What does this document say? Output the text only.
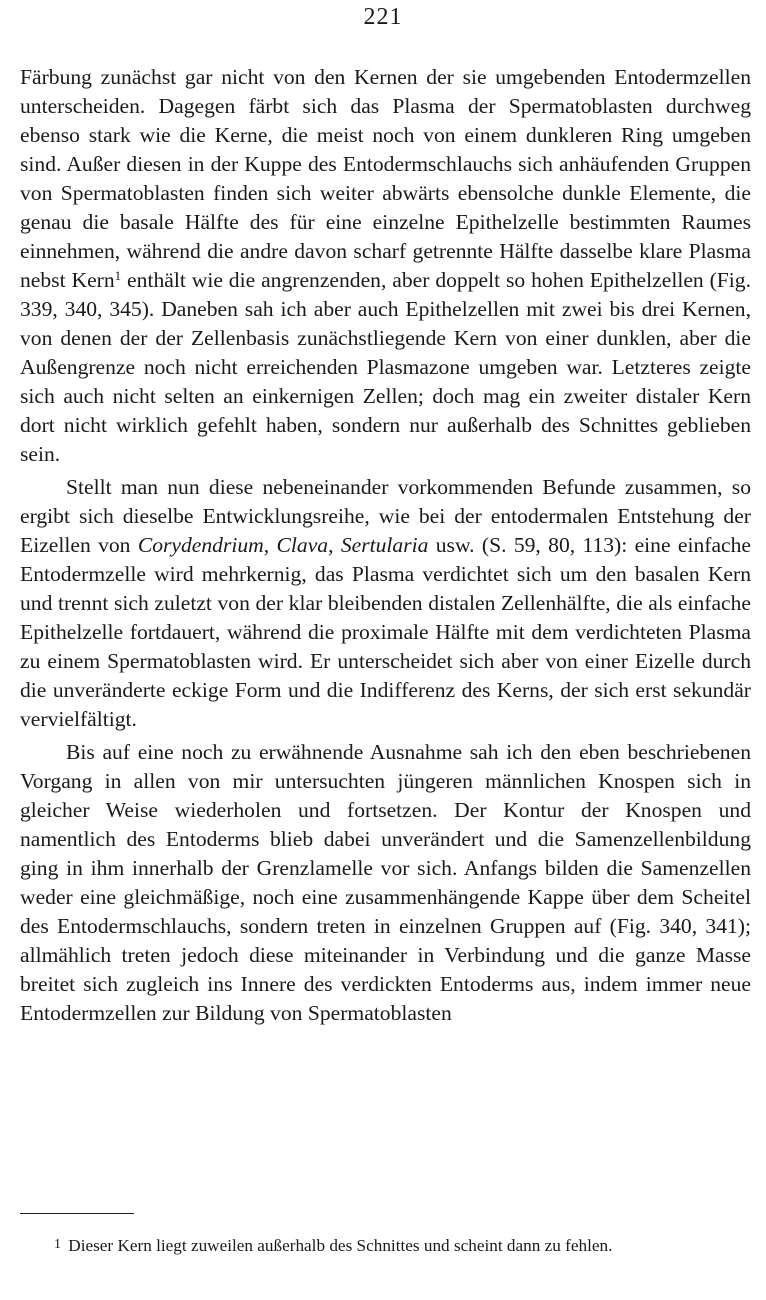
221

Färbung zunächst gar nicht von den Kernen der sie umgebenden Entodermzellen unterscheiden. Dagegen färbt sich das Plasma der Spermatoblasten durchweg ebenso stark wie die Kerne, die meist noch von einem dunkleren Ring umgeben sind. Außer diesen in der Kuppe des Entodermschlauchs sich anhäufenden Gruppen von Spermatoblasten finden sich weiter abwärts ebensolche dunkle Elemente, die genau die basale Hälfte des für eine einzelne Epithelzelle bestimmten Raumes einnehmen, während die andre davon scharf getrennte Hälfte dasselbe klare Plasma nebst Kern$^1$ enthält wie die angrenzenden, aber doppelt so hohen Epithelzellen (Fig. 339, 340, 345). Daneben sah ich aber auch Epithelzellen mit zwei bis drei Kernen, von denen der der Zellenbasis zunächstliegende Kern von einer dunklen, aber die Außengrenze noch nicht erreichenden Plasmazone umgeben war. Letzteres zeigte sich auch nicht selten an einkernigen Zellen; doch mag ein zweiter distaler Kern dort nicht wirklich gefehlt haben, sondern nur außerhalb des Schnittes geblieben sein.

Stellt man nun diese nebeneinander vorkommenden Befunde zusammen, so ergibt sich dieselbe Entwicklungsreihe, wie bei der entodermalen Entstehung der Eizellen von Corydendrium, Clava, Sertularia usw. (S. 59, 80, 113): eine einfache Entodermzelle wird mehrkernig, das Plasma verdichtet sich um den basalen Kern und trennt sich zuletzt von der klar bleibenden distalen Zellenhälfte, die als einfache Epithelzelle fortdauert, während die proximale Hälfte mit dem verdichteten Plasma zu einem Spermatoblasten wird. Er unterscheidet sich aber von einer Eizelle durch die unveränderte eckige Form und die Indifferenz des Kerns, der sich erst sekundär vervielfältigt.

Bis auf eine noch zu erwähnende Ausnahme sah ich den eben beschriebenen Vorgang in allen von mir untersuchten jüngeren männlichen Knospen sich in gleicher Weise wiederholen und fortsetzen. Der Kontur der Knospen und namentlich des Entoderms blieb dabei unverändert und die Samenzellenbildung ging in ihm innerhalb der Grenzlamelle vor sich. Anfangs bilden die Samenzellen weder eine gleichmäßige, noch eine zusammenhängende Kappe über dem Scheitel des Entodermschlauchs, sondern treten in einzelnen Gruppen auf (Fig. 340, 341); allmählich treten jedoch diese miteinander in Verbindung und die ganze Masse breitet sich zugleich ins Innere des verdickten Entoderms aus, indem immer neue Entodermzellen zur Bildung von Spermatoblasten

1 Dieser Kern liegt zuweilen außerhalb des Schnittes und scheint dann zu fehlen.
